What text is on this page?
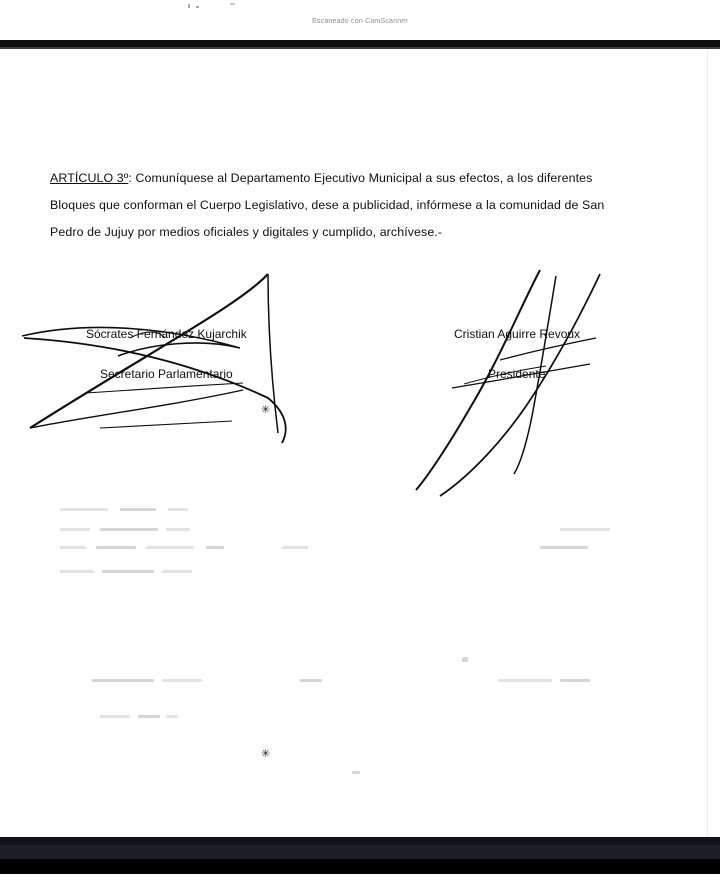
Escaneado con CamScanner

ARTÍCULO 3º: Comuníquese al Departamento Ejecutivo Municipal a sus efectos, a los diferentes Bloques que conforman el Cuerpo Legislativo, dese a publicidad, infórmese a la comunidad de San Pedro de Jujuy por medios oficiales y digitales y cumplido, archívese.-

Sócrates Fernández Kujarchik
Secretario Parlamentario
Cristian Aguirre Revoux
Presidente
✳
✳
